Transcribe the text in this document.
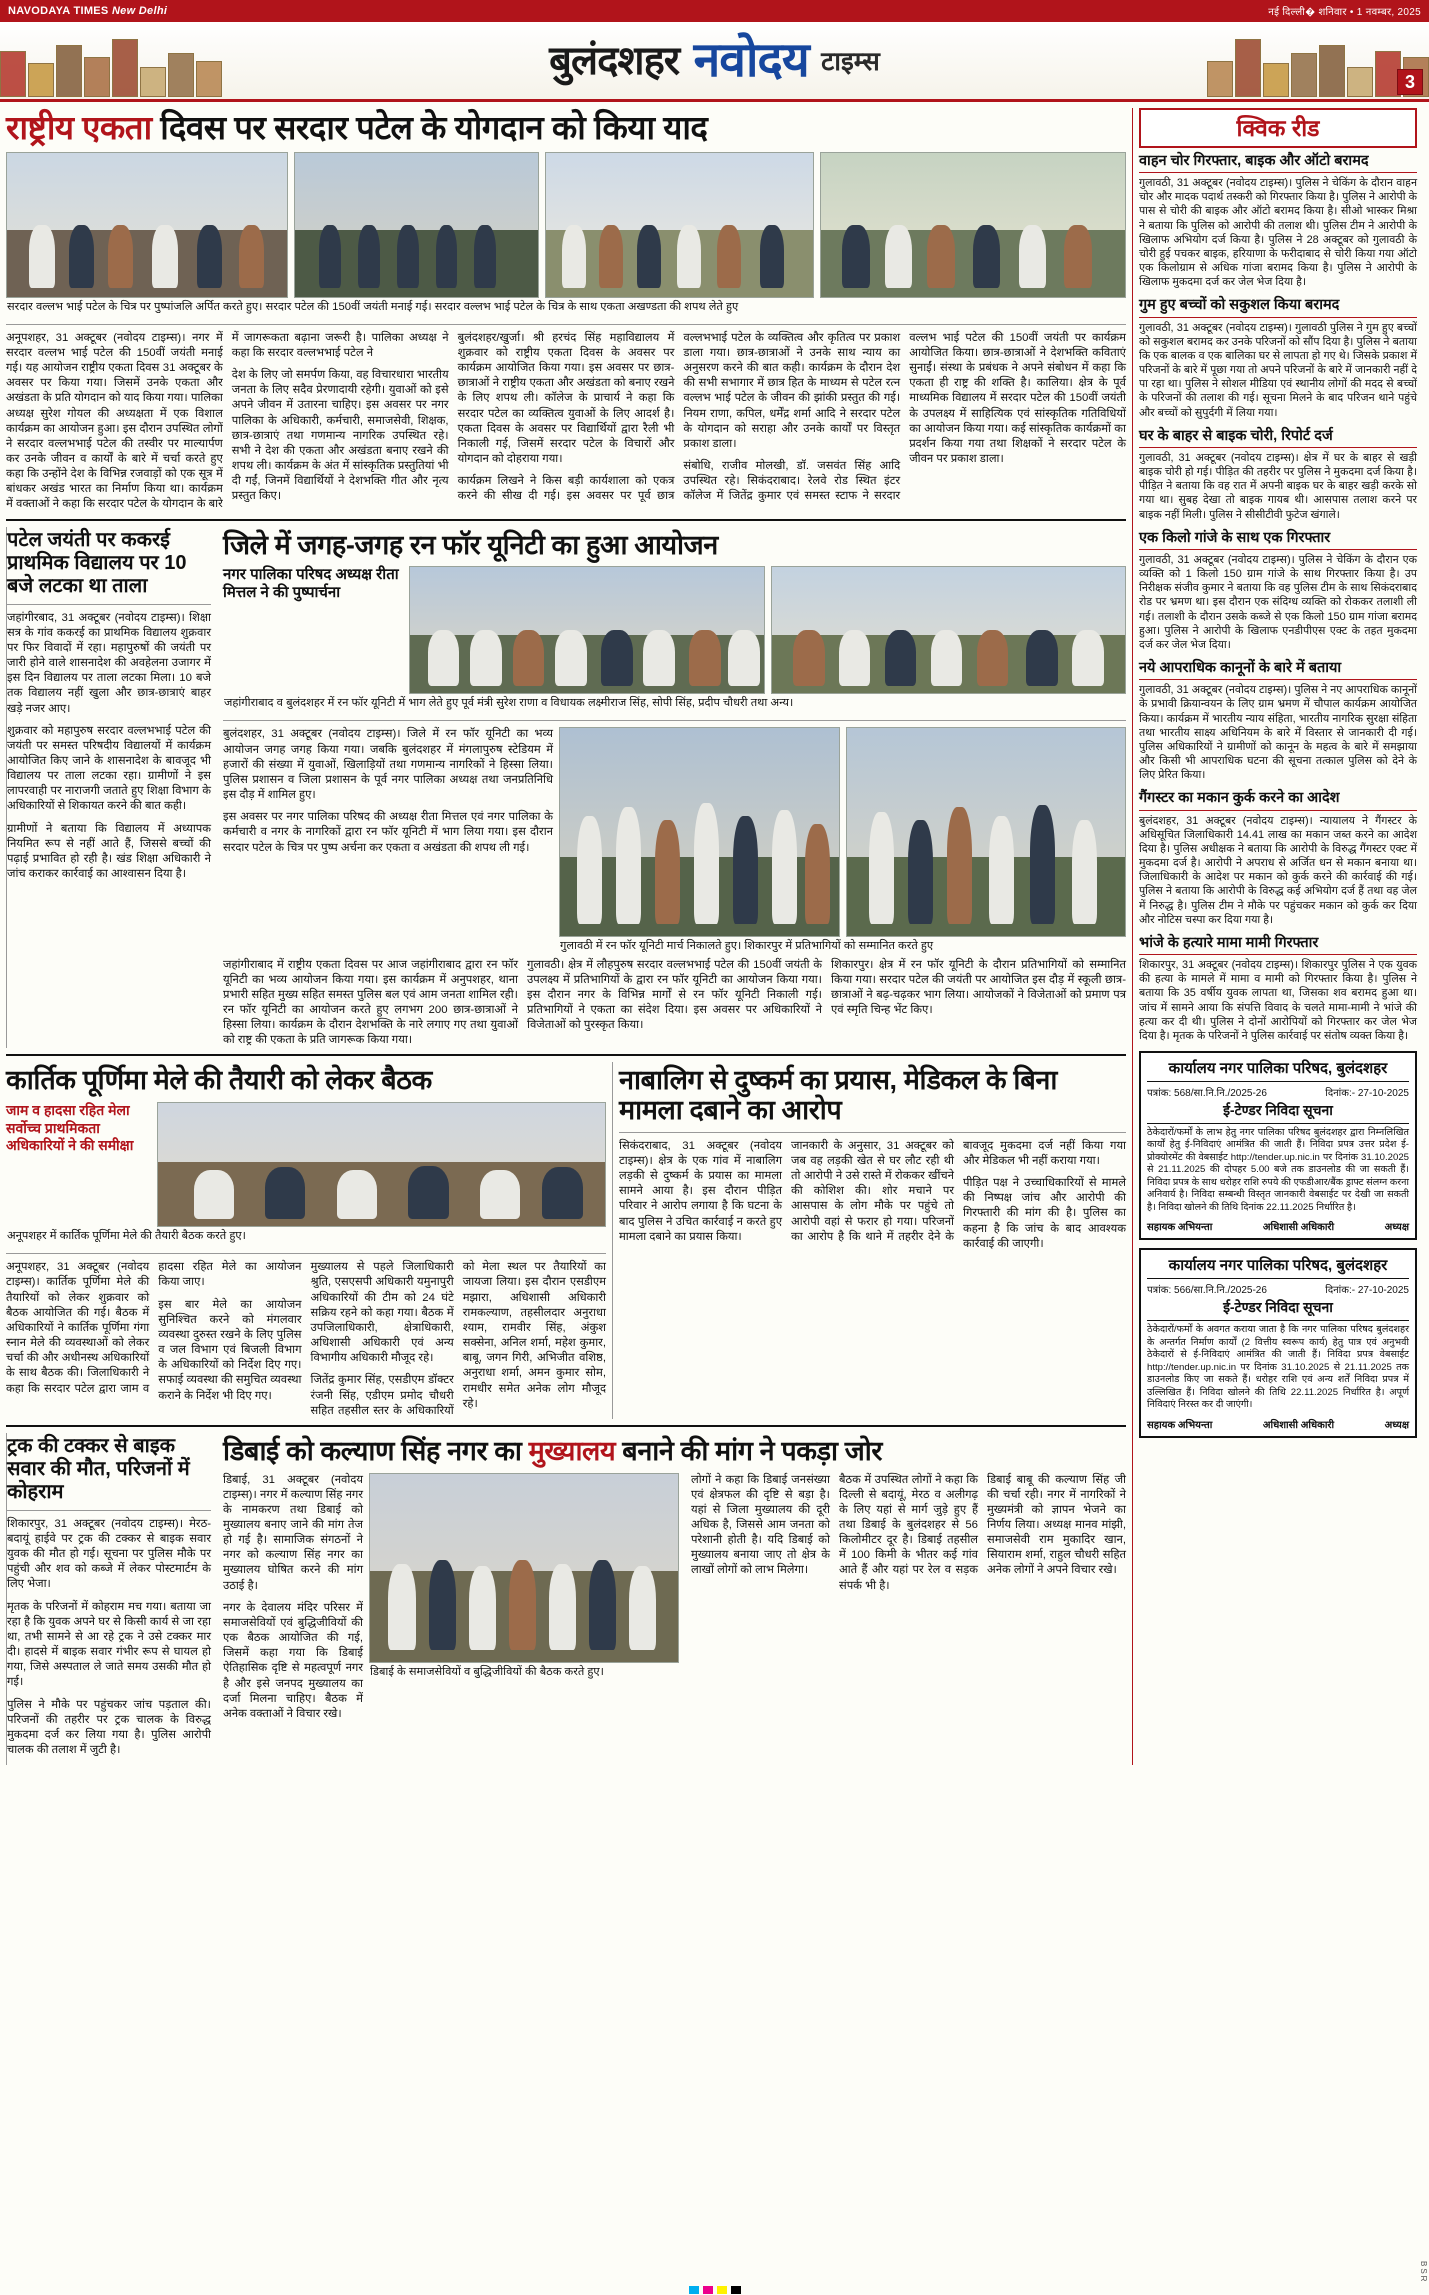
NAVODAYA TIMES New Delhi	नई दिल्ली� शनिवार • 1 नवम्बर, 2025
बुलंदशहर नवोदय टाइम्स
3
राष्ट्रीय एकता दिवस पर सरदार पटेल के योगदान को किया याद
सरदार वल्लभ भाई पटेल के चित्र पर पुष्पांजलि अर्पित करते हुए। सरदार पटेल की 150वीं जयंती मनाई गई। सरदार वल्लभ भाई पटेल के चित्र के साथ एकता अखण्डता की शपथ लेते हुए

अनूपशहर, 31 अक्टूबर (नवोदय टाइम्स)। नगर में सरदार वल्लभ भाई पटेल की 150वीं जयंती मनाई गई। यह आयोजन राष्ट्रीय एकता दिवस 31 अक्टूबर के अवसर पर किया गया। जिसमें उनके एकता और अखंडता के प्रति योगदान को याद किया गया। पालिका अध्यक्ष सुरेश गोयल की अध्यक्षता में एक विशाल कार्यक्रम का आयोजन हुआ। इस दौरान उपस्थित लोगों ने सरदार वल्लभभाई पटेल की तस्वीर पर माल्यार्पण कर उनके जीवन व कार्यों के बारे में चर्चा करते हुए कहा कि उन्होंने देश के विभिन्न रजवाड़ों को एक सूत्र में बांधकर अखंड भारत का निर्माण किया था। कार्यक्रम में वक्ताओं ने कहा कि सरदार पटेल के योगदान के बारे में जागरूकता बढ़ाना जरूरी है। पालिका अध्यक्ष ने कहा कि सरदार वल्लभभाई पटेल ने

देश के लिए जो समर्पण किया, वह विचारधारा भारतीय जनता के लिए सदैव प्रेरणादायी रहेगी। युवाओं को इसे अपने जीवन में उतारना चाहिए। इस अवसर पर नगर पालिका के अधिकारी, कर्मचारी, समाजसेवी, शिक्षक, छात्र-छात्राएं तथा गणमान्य नागरिक उपस्थित रहे। सभी ने देश की एकता और अखंडता बनाए रखने की शपथ ली। कार्यक्रम के अंत में सांस्कृतिक प्रस्तुतियां भी दी गईं, जिनमें विद्यार्थियों ने देशभक्ति गीत और नृत्य प्रस्तुत किए।

बुलंदशहर/खुर्जा। श्री हरचंद सिंह महाविद्यालय में शुक्रवार को राष्ट्रीय एकता दिवस के अवसर पर कार्यक्रम आयोजित किया गया। इस अवसर पर छात्र-छात्राओं ने राष्ट्रीय एकता और अखंडता को बनाए रखने के लिए शपथ ली। कॉलेज के प्राचार्य ने कहा कि सरदार पटेल का व्यक्तित्व युवाओं के लिए आदर्श है। एकता दिवस के अवसर पर विद्यार्थियों द्वारा रैली भी निकाली गई, जिसमें सरदार पटेल के विचारों और योगदान को दोहराया गया।

कार्यक्रम लिखने ने किस बड़ी कार्यशाला को एकत्र करने की सीख दी गई। इस अवसर पर पूर्व छात्र वल्लभभाई पटेल के व्यक्तित्व और कृतित्व पर प्रकाश डाला गया। छात्र-छात्राओं ने उनके साथ न्याय का अनुसरण करने की बात कही। कार्यक्रम के दौरान देश की सभी सभागार में छात्र हित के माध्यम से पटेल रत्न वल्लभ भाई पटेल के जीवन की झांकी प्रस्तुत की गई। नियम राणा, कपिल, धर्मेंद्र शर्मा आदि ने सरदार पटेल के योगदान को सराहा और उनके कार्यों पर विस्तृत प्रकाश डाला।

संबोधि, राजीव मोलखी, डॉ. जसवंत सिंह आदि उपस्थित रहे। सिकंदराबाद। रेलवे रोड स्थित इंटर कॉलेज में जितेंद्र कुमार एवं समस्त स्टाफ ने सरदार वल्लभ भाई पटेल की 150वीं जयंती पर कार्यक्रम आयोजित किया। छात्र-छात्राओं ने देशभक्ति कविताएं सुनाईं। संस्था के प्रबंधक ने अपने संबोधन में कहा कि एकता ही राष्ट्र की शक्ति है। कालिया। क्षेत्र के पूर्व माध्यमिक विद्यालय में सरदार पटेल की 150वीं जयंती के उपलक्ष्य में साहित्यिक एवं सांस्कृतिक गतिविधियों का आयोजन किया गया। कई सांस्कृतिक कार्यक्रमों का प्रदर्शन किया गया तथा शिक्षकों ने सरदार पटेल के जीवन पर प्रकाश डाला।

पटेल जयंती पर ककरई प्राथमिक विद्यालय पर 10 बजे लटका था ताला

जहांगीरबाद, 31 अक्टूबर (नवोदय टाइम्स)। शिक्षा सत्र के गांव ककरई का प्राथमिक विद्यालय शुक्रवार पर फिर विवादों में रहा। महापुरुषों की जयंती पर जारी होने वाले शासनादेश की अवहेलना उजागर में इस दिन विद्यालय पर ताला लटका मिला। 10 बजे तक विद्यालय नहीं खुला और छात्र-छात्राएं बाहर खड़े नजर आए।

शुक्रवार को महापुरुष सरदार वल्लभभाई पटेल की जयंती पर समस्त परिषदीय विद्यालयों में कार्यक्रम आयोजित किए जाने के शासनादेश के बावजूद भी विद्यालय पर ताला लटका रहा। ग्रामीणों ने इस लापरवाही पर नाराजगी जताते हुए शिक्षा विभाग के अधिकारियों से शिकायत करने की बात कही।

ग्रामीणों ने बताया कि विद्यालय में अध्यापक नियमित रूप से नहीं आते हैं, जिससे बच्चों की पढ़ाई प्रभावित हो रही है। खंड शिक्षा अधिकारी ने जांच कराकर कार्रवाई का आश्वासन दिया है।

जिले में जगह-जगह रन फॉर यूनिटी का हुआ आयोजन
नगर पालिका परिषद अध्यक्ष रीता मित्तल ने की पुष्पार्चना
जहांगीराबाद व बुलंदशहर में रन फॉर यूनिटी में भाग लेते हुए पूर्व मंत्री सुरेश राणा व विधायक लक्ष्मीराज सिंह, सोपी सिंह, प्रदीप चौधरी तथा अन्य।

बुलंदशहर, 31 अक्टूबर (नवोदय टाइम्स)। जिले में रन फॉर यूनिटी का भव्य आयोजन जगह जगह किया गया। जबकि बुलंदशहर में मंगलापुरुष स्टेडियम में हजारों की संख्या में युवाओं, खिलाड़ियों तथा गणमान्य नागरिकों ने हिस्सा लिया। पुलिस प्रशासन व जिला प्रशासन के पूर्व नगर पालिका अध्यक्ष तथा जनप्रतिनिधि इस दौड़ में शामिल हुए।

इस अवसर पर नगर पालिका परिषद की अध्यक्ष रीता मित्तल एवं नगर पालिका के कर्मचारी व नगर के नागरिकों द्वारा रन फॉर यूनिटी में भाग लिया गया। इस दौरान सरदार पटेल के चित्र पर पुष्प अर्चना कर एकता व अखंडता की शपथ ली गई।

गुलावठी में रन फॉर यूनिटी मार्च निकालते हुए। शिकारपुर में प्रतिभागियों को सम्मानित करते हुए

जहांगीराबाद में राष्ट्रीय एकता दिवस पर आज जहांगीराबाद द्वारा रन फॉर यूनिटी का भव्य आयोजन किया गया। इस कार्यक्रम में अनुपशहर, थाना प्रभारी सहित मुख्य सहित समस्त पुलिस बल एवं आम जनता शामिल रही। रन फॉर यूनिटी का आयोजन करते हुए लगभग 200 छात्र-छात्राओं ने हिस्सा लिया। कार्यक्रम के दौरान देशभक्ति के नारे लगाए गए तथा युवाओं को राष्ट्र की एकता के प्रति जागरूक किया गया।

गुलावठी। क्षेत्र में लौहपुरुष सरदार वल्लभभाई पटेल की 150वीं जयंती के उपलक्ष्य में प्रतिभागियों के द्वारा रन फॉर यूनिटी का आयोजन किया गया। इस दौरान नगर के विभिन्न मार्गों से रन फॉर यूनिटी निकाली गई। प्रतिभागियों ने एकता का संदेश दिया। इस अवसर पर अधिकारियों ने विजेताओं को पुरस्कृत किया।

शिकारपुर। क्षेत्र में रन फॉर यूनिटी के दौरान प्रतिभागियों को सम्मानित किया गया। सरदार पटेल की जयंती पर आयोजित इस दौड़ में स्कूली छात्र-छात्राओं ने बढ़-चढ़कर भाग लिया। आयोजकों ने विजेताओं को प्रमाण पत्र एवं स्मृति चिन्ह भेंट किए।

कार्तिक पूर्णिमा मेले की तैयारी को लेकर बैठक
जाम व हादसा रहित मेला सर्वोच्च प्राथमिकता अधिकारियों ने की समीक्षा
अनूपशहर में कार्तिक पूर्णिमा मेले की तैयारी बैठक करते हुए।

अनूपशहर, 31 अक्टूबर (नवोदय टाइम्स)। कार्तिक पूर्णिमा मेले की तैयारियों को लेकर शुक्रवार को बैठक आयोजित की गई। बैठक में अधिकारियों ने कार्तिक पूर्णिमा गंगा स्नान मेले की व्यवस्थाओं को लेकर चर्चा की और अधीनस्थ अधिकारियों के साथ बैठक की। जिलाधिकारी ने कहा कि सरदार पटेल द्वारा जाम व हादसा रहित मेले का आयोजन किया जाए।

इस बार मेले का आयोजन सुनिश्चित करने को मंगलवार व्यवस्था दुरुस्त रखने के लिए पुलिस व जल विभाग एवं बिजली विभाग के अधिकारियों को निर्देश दिए गए। सफाई व्यवस्था की समुचित व्यवस्था कराने के निर्देश भी दिए गए।

मुख्यालय से पहले जिलाधिकारी श्रुति, एसएसपी अधिकारी यमुनापुरी अधिकारियों की टीम को 24 घंटे सक्रिय रहने को कहा गया। बैठक में उपजिलाधिकारी, क्षेत्राधिकारी, अधिशासी अधिकारी एवं अन्य विभागीय अधिकारी मौजूद रहे।

जितेंद्र कुमार सिंह, एसडीएम डॉक्टर रंजनी सिंह, एडीएम प्रमोद चौधरी सहित तहसील स्तर के अधिकारियों को मेला स्थल पर तैयारियों का जायजा लिया। इस दौरान एसडीएम मझारा, अधिशासी अधिकारी रामकल्याण, तहसीलदार अनुराधा श्याम, रामवीर सिंह, अंकुश सक्सेना, अनिल शर्मा, महेश कुमार, बाबू, जगन गिरी, अभिजीत वशिष्ठ, अनुराधा शर्मा, अमन कुमार सोम, रामधीर समेत अनेक लोग मौजूद रहे।

नाबालिग से दुष्कर्म का प्रयास, मेडिकल के बिना मामला दबाने का आरोप

सिकंदराबाद, 31 अक्टूबर (नवोदय टाइम्स)। क्षेत्र के एक गांव में नाबालिग लड़की से दुष्कर्म के प्रयास का मामला सामने आया है। इस दौरान पीड़ित परिवार ने आरोप लगाया है कि घटना के बाद पुलिस ने उचित कार्रवाई न करते हुए मामला दबाने का प्रयास किया।

जानकारी के अनुसार, 31 अक्टूबर को जब वह लड़की खेत से घर लौट रही थी तो आरोपी ने उसे रास्ते में रोककर खींचने की कोशिश की। शोर मचाने पर आसपास के लोग मौके पर पहुंचे तो आरोपी वहां से फरार हो गया। परिजनों का आरोप है कि थाने में तहरीर देने के बावजूद मुकदमा दर्ज नहीं किया गया और मेडिकल भी नहीं कराया गया।

पीड़ित पक्ष ने उच्चाधिकारियों से मामले की निष्पक्ष जांच और आरोपी की गिरफ्तारी की मांग की है। पुलिस का कहना है कि जांच के बाद आवश्यक कार्रवाई की जाएगी।

ट्रक की टक्कर से बाइक सवार की मौत, परिजनों में कोहराम

शिकारपुर, 31 अक्टूबर (नवोदय टाइम्स)। मेरठ-बदायूं हाईवे पर ट्रक की टक्कर से बाइक सवार युवक की मौत हो गई। सूचना पर पुलिस मौके पर पहुंची और शव को कब्जे में लेकर पोस्टमार्टम के लिए भेजा।

मृतक के परिजनों में कोहराम मच गया। बताया जा रहा है कि युवक अपने घर से किसी कार्य से जा रहा था, तभी सामने से आ रहे ट्रक ने उसे टक्कर मार दी। हादसे में बाइक सवार गंभीर रूप से घायल हो गया, जिसे अस्पताल ले जाते समय उसकी मौत हो गई।

पुलिस ने मौके पर पहुंचकर जांच पड़ताल की। परिजनों की तहरीर पर ट्रक चालक के विरुद्ध मुकदमा दर्ज कर लिया गया है। पुलिस आरोपी चालक की तलाश में जुटी है।

डिबाई को कल्याण सिंह नगर का मुख्यालय बनाने की मांग ने पकड़ा जोर

डिबाई, 31 अक्टूबर (नवोदय टाइम्स)। नगर में कल्याण सिंह नगर के नामकरण तथा डिबाई को मुख्यालय बनाए जाने की मांग तेज हो गई है। सामाजिक संगठनों ने नगर को कल्याण सिंह नगर का मुख्यालय घोषित करने की मांग उठाई है।

नगर के देवालय मंदिर परिसर में समाजसेवियों एवं बुद्धिजीवियों की एक बैठक आयोजित की गई, जिसमें कहा गया कि डिबाई ऐतिहासिक दृष्टि से महत्वपूर्ण नगर है और इसे जनपद मुख्यालय का दर्जा मिलना चाहिए। बैठक में अनेक वक्ताओं ने विचार रखे।

डिबाई के समाजसेवियों व बुद्धिजीवियों की बैठक करते हुए।

लोगों ने कहा कि डिबाई जनसंख्या एवं क्षेत्रफल की दृष्टि से बड़ा है। यहां से जिला मुख्यालय की दूरी अधिक है, जिससे आम जनता को परेशानी होती है। यदि डिबाई को मुख्यालय बनाया जाए तो क्षेत्र के लाखों लोगों को लाभ मिलेगा।

बैठक में उपस्थित लोगों ने कहा कि दिल्ली से बदायूं, मेरठ व अलीगढ़ के लिए यहां से मार्ग जुड़े हुए हैं तथा डिबाई के बुलंदशहर से 56 किलोमीटर दूर है। डिबाई तहसील में 100 किमी के भीतर कई गांव आते हैं और यहां पर रेल व सड़क संपर्क भी है।

डिबाई बाबू की कल्याण सिंह जी की चर्चा रही। नगर में नागरिकों ने मुख्यमंत्री को ज्ञापन भेजने का निर्णय लिया। अध्यक्ष मानव मांझी, समाजसेवी राम मुकादिर खान, सियाराम शर्मा, राहुल चौधरी सहित अनेक लोगों ने अपने विचार रखे।

क्विक रीड
वाहन चोर गिरफ्तार, बाइक और ऑटो बरामद

गुलावठी, 31 अक्टूबर (नवोदय टाइम्स)। पुलिस ने चेकिंग के दौरान वाहन चोर और मादक पदार्थ तस्करी को गिरफ्तार किया है। पुलिस ने आरोपी के पास से चोरी की बाइक और ऑटो बरामद किया है। सीओ भास्कर मिश्रा ने बताया कि पुलिस को आरोपी की तलाश थी। पुलिस टीम ने आरोपी के खिलाफ अभियोग दर्ज किया है। पुलिस ने 28 अक्टूबर को गुलावठी के चोरी हुई पचकर बाइक, हरियाणा के फरीदाबाद से चोरी किया गया ऑटो एक किलोग्राम से अधिक गांजा बरामद किया है। पुलिस ने आरोपी के खिलाफ मुकदमा दर्ज कर जेल भेज दिया है।

गुम हुए बच्चों को सकुशल किया बरामद

गुलावठी, 31 अक्टूबर (नवोदय टाइम्स)। गुलावठी पुलिस ने गुम हुए बच्चों को सकुशल बरामद कर उनके परिजनों को सौंप दिया है। पुलिस ने बताया कि एक बालक व एक बालिका घर से लापता हो गए थे। जिसके प्रकाश में परिजनों के बारे में पूछा गया तो अपने परिजनों के बारे में जानकारी नहीं दे पा रहा था। पुलिस ने सोशल मीडिया एवं स्थानीय लोगों की मदद से बच्चों के परिजनों की तलाश की गई। सूचना मिलने के बाद परिजन थाने पहुंचे और बच्चों को सुपुर्दगी में लिया गया।

घर के बाहर से बाइक चोरी, रिपोर्ट दर्ज

गुलावठी, 31 अक्टूबर (नवोदय टाइम्स)। क्षेत्र में घर के बाहर से खड़ी बाइक चोरी हो गई। पीड़ित की तहरीर पर पुलिस ने मुकदमा दर्ज किया है। पीड़ित ने बताया कि वह रात में अपनी बाइक घर के बाहर खड़ी करके सो गया था। सुबह देखा तो बाइक गायब थी। आसपास तलाश करने पर बाइक नहीं मिली। पुलिस ने सीसीटीवी फुटेज खंगाले।

एक किलो गांजे के साथ एक गिरफ्तार

गुलावठी, 31 अक्टूबर (नवोदय टाइम्स)। पुलिस ने चेकिंग के दौरान एक व्यक्ति को 1 किलो 150 ग्राम गांजे के साथ गिरफ्तार किया है। उप निरीक्षक संजीव कुमार ने बताया कि वह पुलिस टीम के साथ सिकंदराबाद रोड पर भ्रमण था। इस दौरान एक संदिग्ध व्यक्ति को रोककर तलाशी ली गई। तलाशी के दौरान उसके कब्जे से एक किलो 150 ग्राम गांजा बरामद हुआ। पुलिस ने आरोपी के खिलाफ एनडीपीएस एक्ट के तहत मुकदमा दर्ज कर जेल भेज दिया।

नये आपराधिक कानूनों के बारे में बताया

गुलावठी, 31 अक्टूबर (नवोदय टाइम्स)। पुलिस ने नए आपराधिक कानूनों के प्रभावी क्रियान्वयन के लिए ग्राम भ्रमण में चौपाल कार्यक्रम आयोजित किया। कार्यक्रम में भारतीय न्याय संहिता, भारतीय नागरिक सुरक्षा संहिता तथा भारतीय साक्ष्य अधिनियम के बारे में विस्तार से जानकारी दी गई। पुलिस अधिकारियों ने ग्रामीणों को कानून के महत्व के बारे में समझाया और किसी भी आपराधिक घटना की सूचना तत्काल पुलिस को देने के लिए प्रेरित किया।

गैंगस्टर का मकान कुर्क करने का आदेश

बुलंदशहर, 31 अक्टूबर (नवोदय टाइम्स)। न्यायालय ने गैंगस्टर के अधिसूचित जिलाधिकारी 14.41 लाख का मकान जब्त करने का आदेश दिया है। पुलिस अधीक्षक ने बताया कि आरोपी के विरुद्ध गैंगस्टर एक्ट में मुकदमा दर्ज है। आरोपी ने अपराध से अर्जित धन से मकान बनाया था। जिलाधिकारी के आदेश पर मकान को कुर्क करने की कार्रवाई की गई। पुलिस ने बताया कि आरोपी के विरुद्ध कई अभियोग दर्ज हैं तथा वह जेल में निरुद्ध है। पुलिस टीम ने मौके पर पहुंचकर मकान को कुर्क कर दिया और नोटिस चस्पा कर दिया गया है।

भांजे के हत्यारे मामा मामी गिरफ्तार

शिकारपुर, 31 अक्टूबर (नवोदय टाइम्स)। शिकारपुर पुलिस ने एक युवक की हत्या के मामले में मामा व मामी को गिरफ्तार किया है। पुलिस ने बताया कि 35 वर्षीय युवक लापता था, जिसका शव बरामद हुआ था। जांच में सामने आया कि संपत्ति विवाद के चलते मामा-मामी ने भांजे की हत्या कर दी थी। पुलिस ने दोनों आरोपियों को गिरफ्तार कर जेल भेज दिया है। मृतक के परिजनों ने पुलिस कार्रवाई पर संतोष व्यक्त किया है।

कार्यालय नगर पालिका परिषद, बुलंदशहर
पत्रांक: 568/सा.नि.नि./2025-26	दिनांक:- 27-10-2025
ई-टेण्डर निविदा सूचना
ठेकेदारों/फर्मों के लाभ हेतु नगर पालिका परिषद बुलंदशहर द्वारा निम्नलिखित कार्यों हेतु ई-निविदाएं आमंत्रित की जाती हैं। निविदा प्रपत्र उत्तर प्रदेश ई-प्रोक्योरमेंट की वेबसाईट http://tender.up.nic.in पर दिनांक 31.10.2025 से 21.11.2025 की दोपहर 5.00 बजे तक डाउनलोड की जा सकती हैं। निविदा प्रपत्र के साथ धरोहर राशि रुपये की एफडीआर/बैंक ड्राफ्ट संलग्न करना अनिवार्य है। निविदा सम्बन्धी विस्तृत जानकारी वेबसाईट पर देखी जा सकती है। निविदा खोलने की तिथि दिनांक 22.11.2025 निर्धारित है।
सहायक अभियन्ता	अधिशासी अधिकारी	अध्यक्ष
कार्यालय नगर पालिका परिषद, बुलंदशहर
पत्रांक: 566/सा.नि.नि./2025-26	दिनांक:- 27-10-2025
ई-टेण्डर निविदा सूचना
ठेकेदारों/फर्मों के अवगत कराया जाता है कि नगर पालिका परिषद बुलंदशहर के अन्तर्गत निर्माण कार्यों (2 वित्तीय स्वरूप कार्य) हेतु पात्र एवं अनुभवी ठेकेदारों से ई-निविदाएं आमंत्रित की जाती हैं। निविदा प्रपत्र वेबसाईट http://tender.up.nic.in पर दिनांक 31.10.2025 से 21.11.2025 तक डाउनलोड किए जा सकते हैं। धरोहर राशि एवं अन्य शर्तें निविदा प्रपत्र में उल्लिखित हैं। निविदा खोलने की तिथि 22.11.2025 निर्धारित है। अपूर्ण निविदाएं निरस्त कर दी जाएंगी।
सहायक अभियन्ता	अधिशासी अधिकारी	अध्यक्ष
BSR
